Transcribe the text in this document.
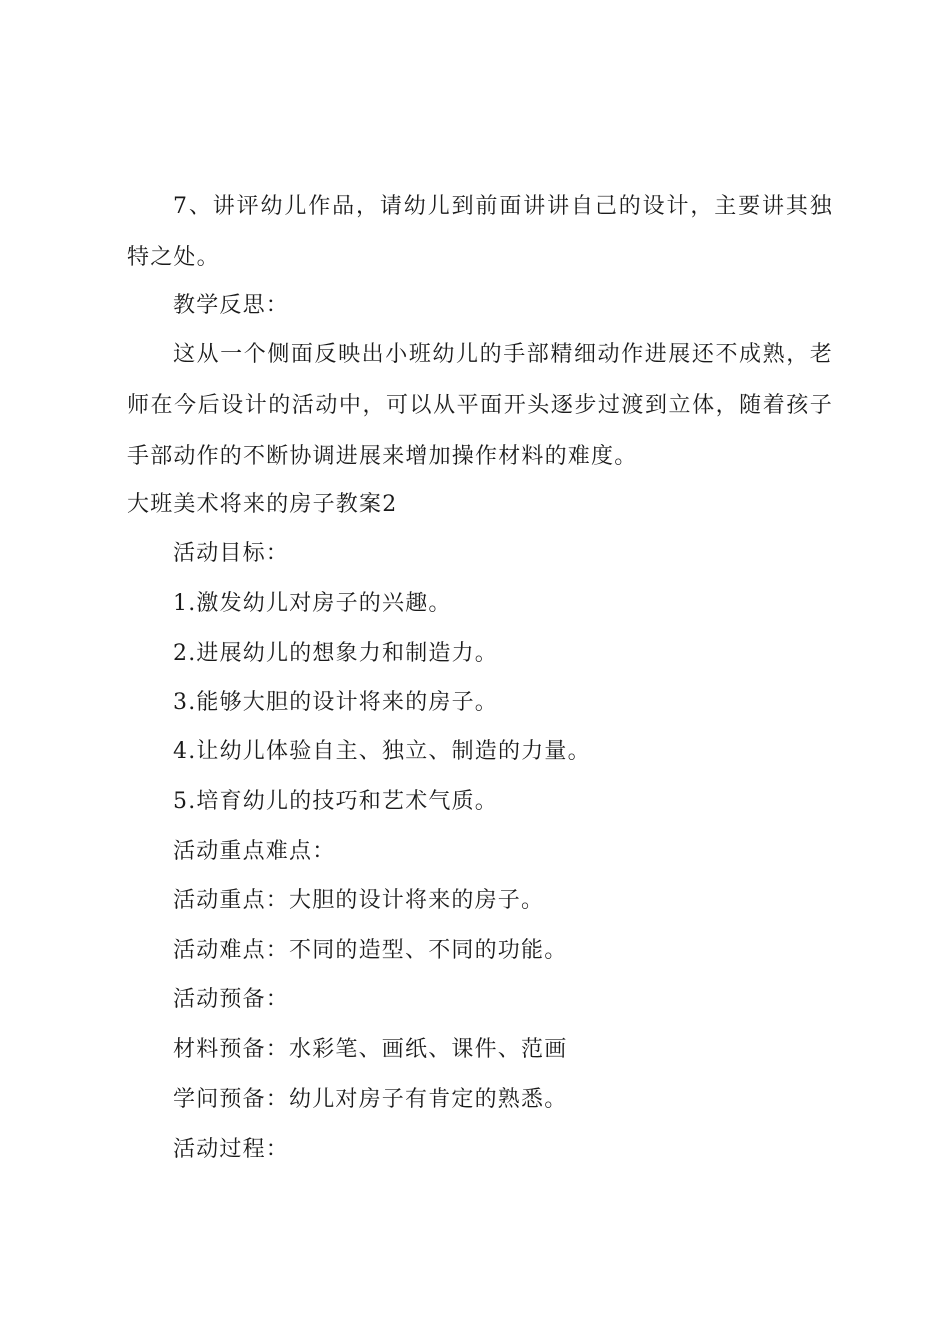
7、讲评幼儿作品，请幼儿到前面讲讲自己的设计，主要讲其独特之处。

教学反思：

这从一个侧面反映出小班幼儿的手部精细动作进展还不成熟，老师在今后设计的活动中，可以从平面开头逐步过渡到立体，随着孩子手部动作的不断协调进展来增加操作材料的难度。

大班美术将来的房子教案2

活动目标：

1.激发幼儿对房子的兴趣。

2.进展幼儿的想象力和制造力。

3.能够大胆的设计将来的房子。

4.让幼儿体验自主、独立、制造的力量。

5.培育幼儿的技巧和艺术气质。

活动重点难点：

活动重点：大胆的设计将来的房子。

活动难点：不同的造型、不同的功能。

活动预备：

材料预备：水彩笔、画纸、课件、范画

学问预备：幼儿对房子有肯定的熟悉。

活动过程：
